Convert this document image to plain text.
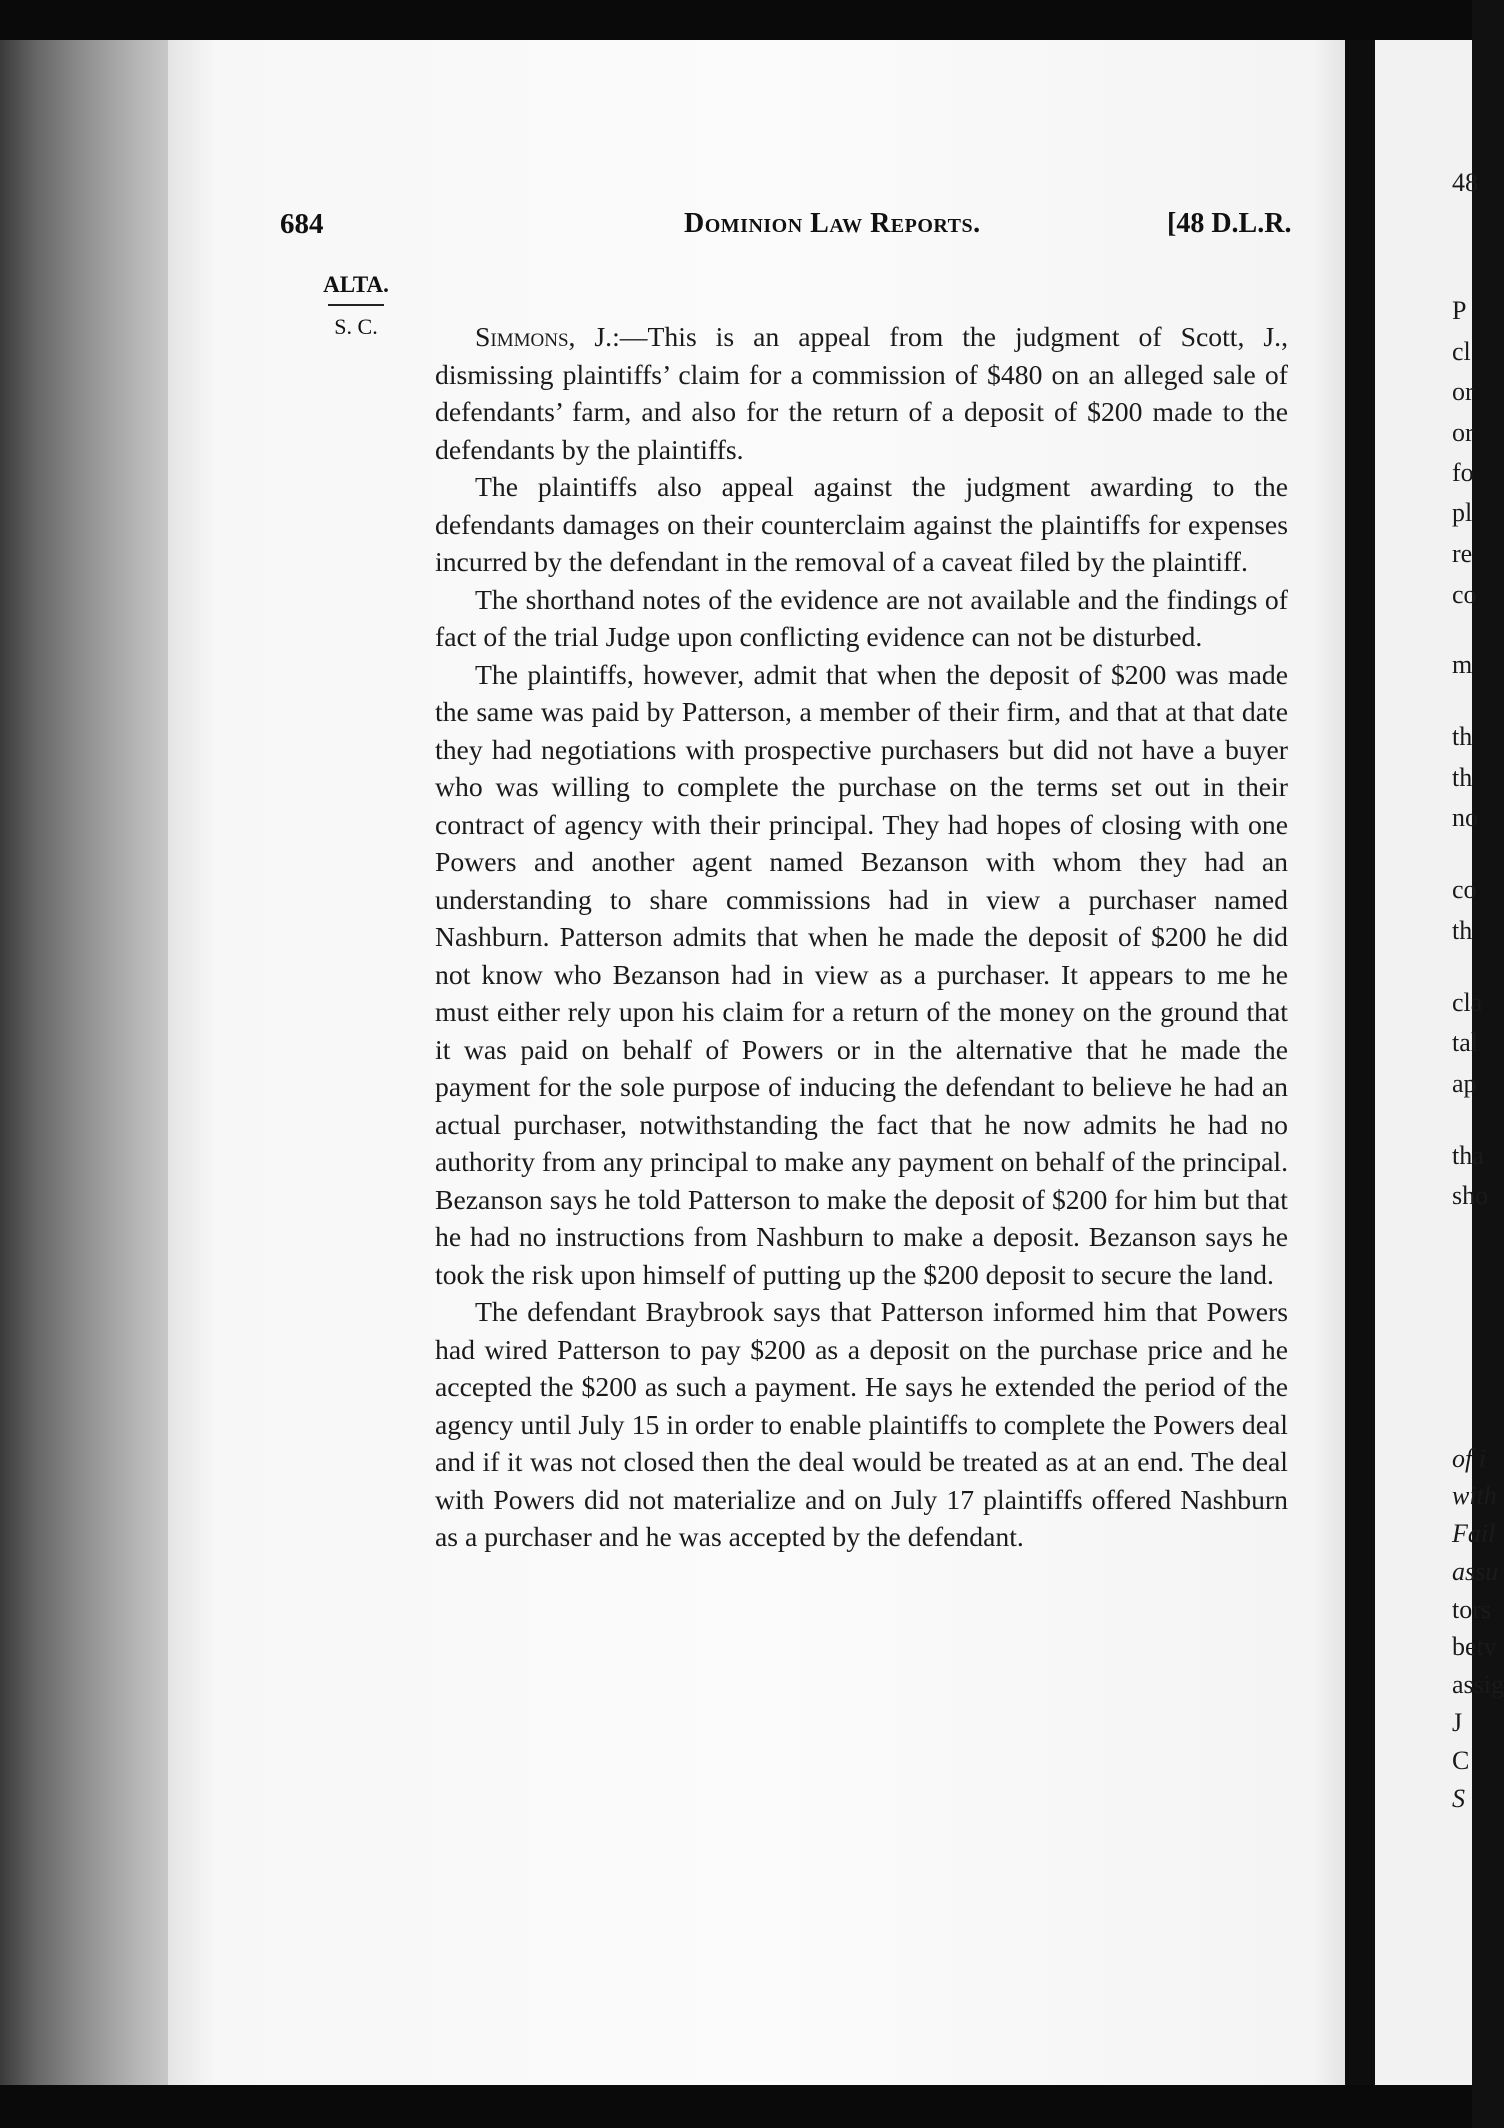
684	Dominion Law Reports.	[48 D.L.R.
ALTA.
S. C.	Simmons, J.:—This is an appeal from the judgment of Scott, J., dismissing plaintiffs’ claim for a commission of $480 on an alleged sale of defendants’ farm, and also for the return of a deposit of $200 made to the defendants by the plaintiffs.

The plaintiffs also appeal against the judgment awarding to the defendants damages on their counterclaim against the plaintiffs for expenses incurred by the defendant in the removal of a caveat filed by the plaintiff.

The shorthand notes of the evidence are not available and the findings of fact of the trial Judge upon conflicting evidence can not be disturbed.

The plaintiffs, however, admit that when the deposit of $200 was made the same was paid by Patterson, a member of their firm, and that at that date they had negotiations with prospective purchasers but did not have a buyer who was willing to complete the purchase on the terms set out in their contract of agency with their principal. They had hopes of closing with one Powers and another agent named Bezanson with whom they had an understanding to share commissions had in view a purchaser named Nashburn. Patterson admits that when he made the deposit of $200 he did not know who Bezanson had in view as a purchaser. It appears to me he must either rely upon his claim for a return of the money on the ground that it was paid on behalf of Powers or in the alternative that he made the payment for the sole purpose of inducing the defendant to believe he had an actual purchaser, notwithstanding the fact that he now admits he had no authority from any principal to make any payment on behalf of the principal. Bezanson says he told Patterson to make the deposit of $200 for him but that he had no instructions from Nashburn to make a deposit. Bezanson says he took the risk upon himself of putting up the $200 deposit to secure the land.

The defendant Braybrook says that Patterson informed him that Powers had wired Patterson to pay $200 as a deposit on the purchase price and he accepted the $200 as such a payment. He says he extended the period of the agency until July 15 in order to enable plaintiffs to complete the Powers deal and if it was not closed then the deal would be treated as at an end. The deal with Powers did not materialize and on July 17 plaintiffs offered Nashburn as a purchaser and he was accepted by the defendant.

48
P
cl
or
or
fo
pl
re
co
m
th
th
no
co
th
cla
tal
ap
tha
sho
of i
with
Fail
assu
tors
betv
assig
J
C
S
